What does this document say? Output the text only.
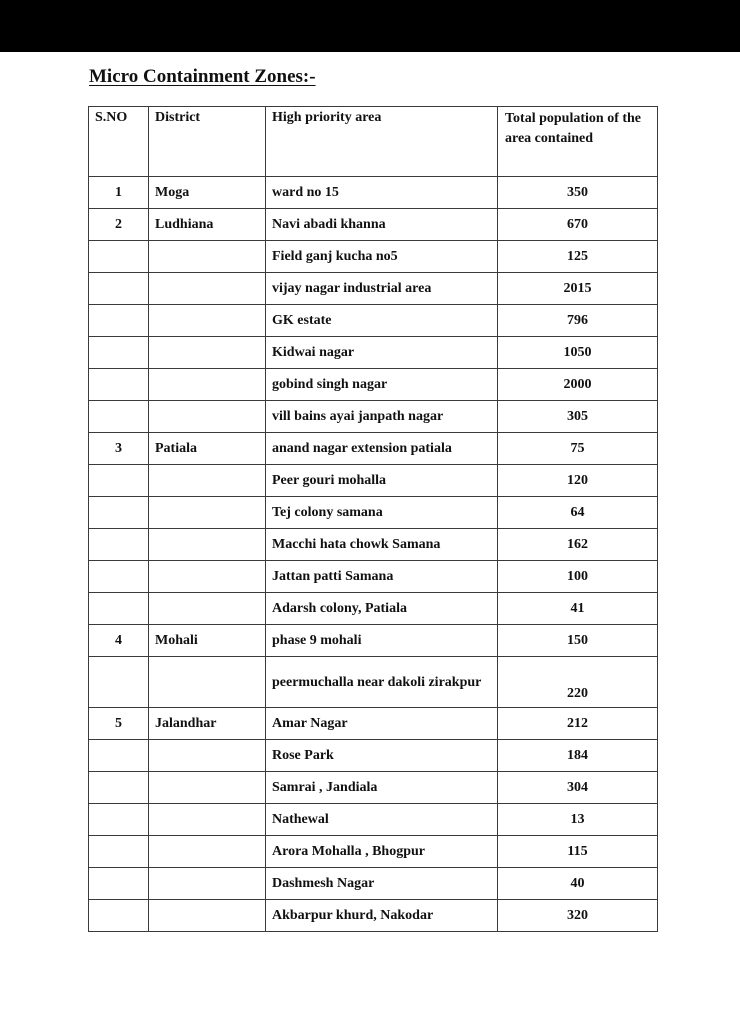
Micro Containment Zones:-
S.NO	District	High priority area	Total population of the area contained
1	Moga	ward no 15	350
2	Ludhiana	Navi abadi khanna	670
		Field ganj kucha no5	125
		vijay nagar industrial area	2015
		GK estate	796
		Kidwai nagar	1050
		gobind singh nagar	2000
		vill bains ayai janpath nagar	305
3	Patiala	anand nagar extension patiala	75
		Peer gouri mohalla	120
		Tej colony samana	64
		Macchi hata chowk Samana	162
		Jattan patti Samana	100
		Adarsh colony, Patiala	41
4	Mohali	phase 9 mohali	150
		peermuchalla near dakoli zirakpur	220
5	Jalandhar	Amar Nagar	212
		Rose Park	184
		Samrai , Jandiala	304
		Nathewal	13
		Arora Mohalla , Bhogpur	115
		Dashmesh Nagar	40
		Akbarpur khurd, Nakodar	320
